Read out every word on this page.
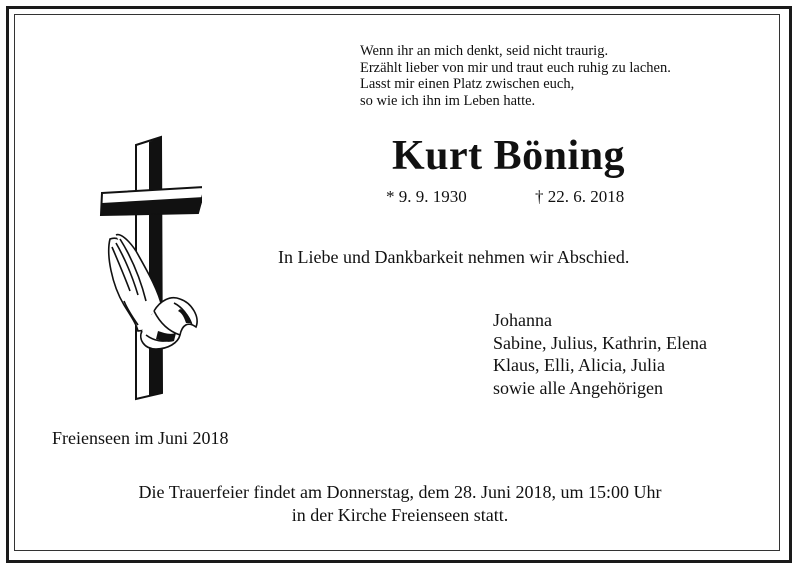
Wenn ihr an mich denkt, seid nicht traurig.
Erzählt lieber von mir und traut euch ruhig zu lachen.
Lasst mir einen Platz zwischen euch,
so wie ich ihn im Leben hatte.
Kurt Böning
* 9. 9. 1930	† 22. 6. 2018
In Liebe und Dankbarkeit nehmen wir Abschied.
Johanna
Sabine, Julius, Kathrin, Elena
Klaus, Elli, Alicia, Julia
sowie alle Angehörigen
Freienseen im Juni 2018
Die Trauerfeier findet am Donnerstag, dem 28. Juni 2018, um 15:00 Uhr
in der Kirche Freienseen statt.
